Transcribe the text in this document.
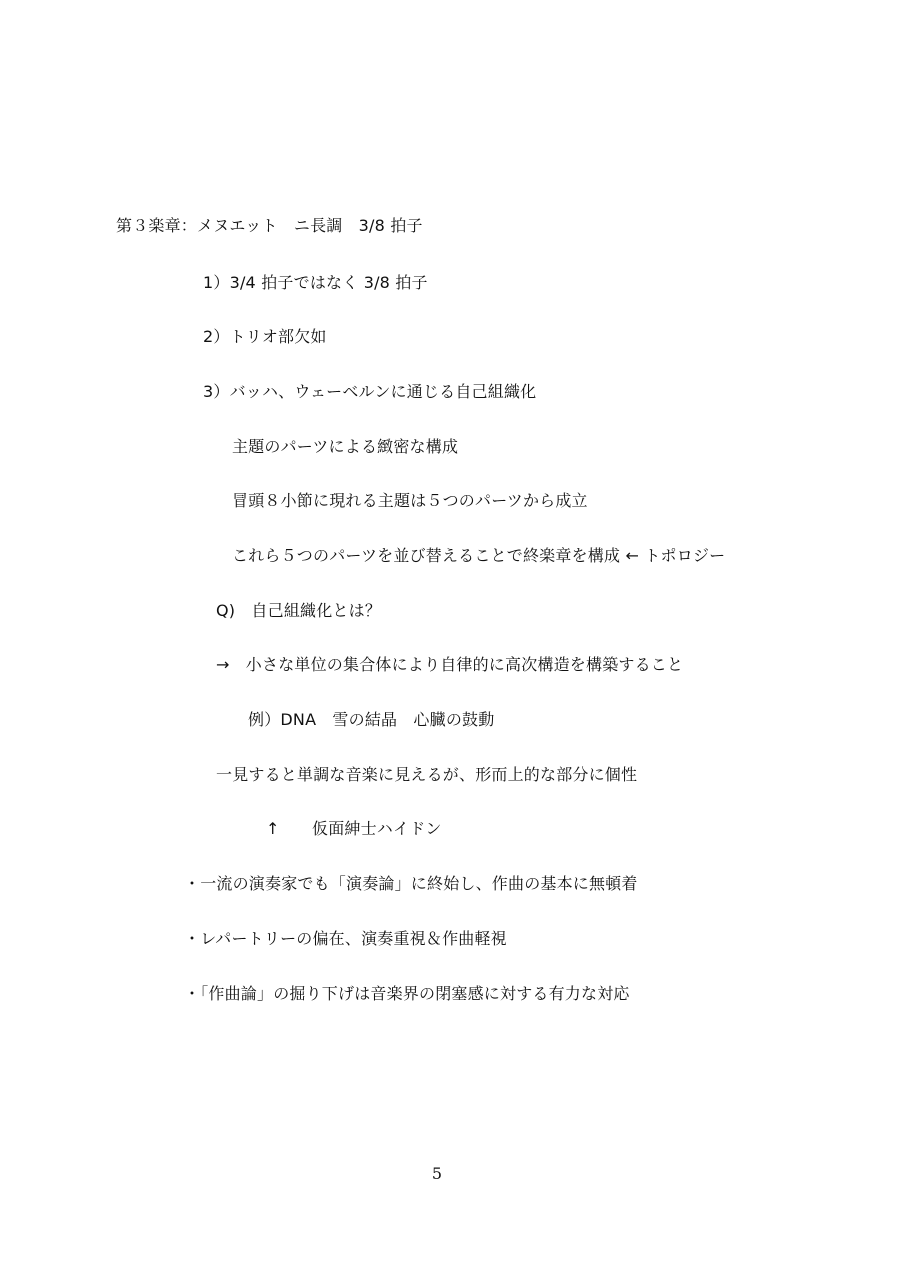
第３楽章：メヌエット　ニ長調　3/8 拍子
1）3/4 拍子ではなく 3/8 拍子
2）トリオ部欠如
3）バッハ、ウェーベルンに通じる自己組織化
主題のパーツによる緻密な構成
冒頭８小節に現れる主題は５つのパーツから成立
これら５つのパーツを並び替えることで終楽章を構成 ← トポロジー
Q)　自己組織化とは？
→　小さな単位の集合体により自律的に高次構造を構築すること
例）DNA　雪の結晶　心臓の鼓動
一見すると単調な音楽に見えるが、形而上的な部分に個性
↑　　仮面紳士ハイドン
・一流の演奏家でも「演奏論」に終始し、作曲の基本に無頓着
・レパートリーの偏在、演奏重視＆作曲軽視
・「作曲論」の掘り下げは音楽界の閉塞感に対する有力な対応
5
